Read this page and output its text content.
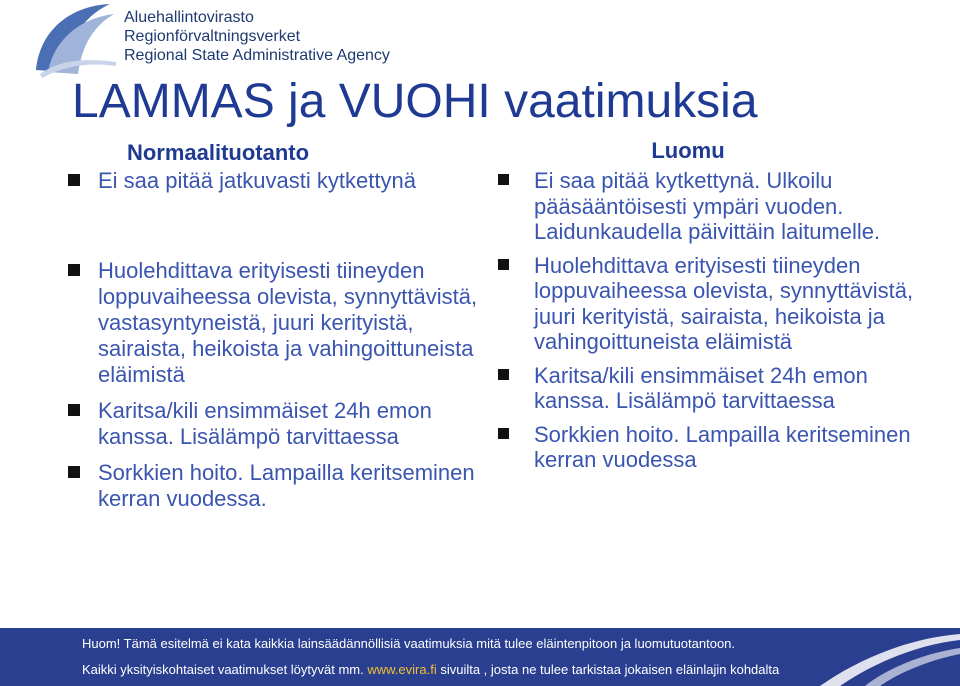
Aluehallintovirasto
Regionförvaltningsverket
Regional State Administrative Agency
LAMMAS ja VUOHI vaatimuksia
Normaalituotanto
Ei saa pitää jatkuvasti kytkettynä
Huolehdittava erityisesti tiineyden loppuvaiheessa olevista, synnyttävistä, vastasyntyneistä, juuri kerityistä, sairaista, heikoista ja vahingoittuneista eläimistä
Karitsa/kili ensimmäiset 24h emon kanssa. Lisälämpö tarvittaessa
Sorkkien hoito. Lampailla keritseminen kerran vuodessa.
Luomu
Ei saa pitää kytkettynä. Ulkoilu pääsääntöisesti ympäri vuoden. Laidunkaudella päivittäin laitumelle.
Huolehdittava erityisesti tiineyden loppuvaiheessa olevista, synnyttävistä, juuri kerityistä, sairaista, heikoista ja vahingoittuneista eläimistä
Karitsa/kili ensimmäiset 24h emon kanssa. Lisälämpö tarvittaessa
Sorkkien hoito. Lampailla keritseminen kerran vuodessa
Huom! Tämä esitelmä ei kata kaikkia lainsäädännöllisiä vaatimuksia mitä tulee eläintenpitoon ja luomutuotantoon.
Kaikki yksityiskohtaiset vaatimukset löytyvät mm. www.evira.fi sivuilta , josta ne tulee tarkistaa jokaisen eläinlajin kohdalta
